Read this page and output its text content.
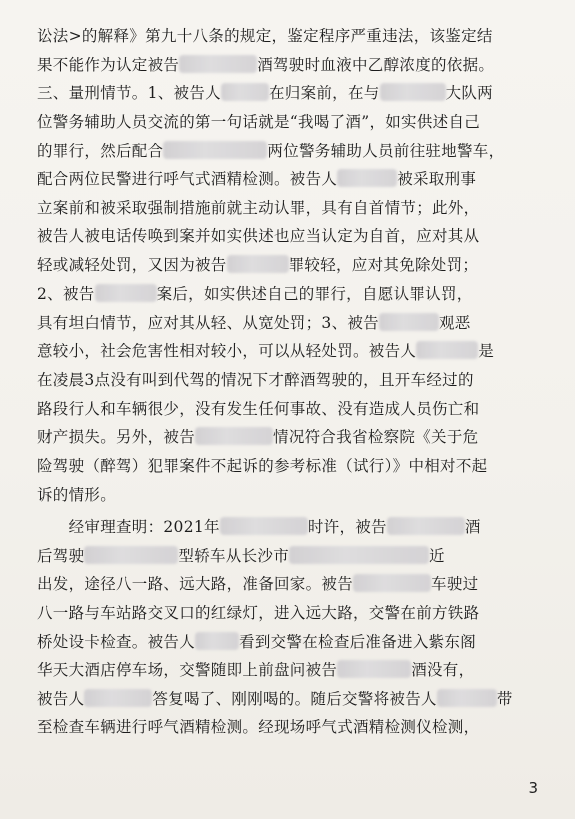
讼法>的解释》第九十八条的规定，鉴定程序严重违法，该鉴定结
果不能作为认定被告	酒驾驶时血液中乙醇浓度的依据。
三、量刑情节。1、被告人	在归案前，在与	大队两
位警务辅助人员交流的第一句话就是“我喝了酒”，如实供述自己
的罪行，然后配合	两位警务辅助人员前往驻地警车，
配合两位民警进行呼气式酒精检测。被告人	被采取刑事
立案前和被采取强制措施前就主动认罪，具有自首情节；此外，
被告人被电话传唤到案并如实供述也应当认定为自首，应对其从
轻或减轻处罚，又因为被告	罪较轻，应对其免除处罚；
2、被告	案后，如实供述自己的罪行，自愿认罪认罚，
具有坦白情节，应对其从轻、从宽处罚；3、被告	观恶
意较小，社会危害性相对较小，可以从轻处罚。被告人	是
在凌晨3点没有叫到代驾的情况下才醉酒驾驶的，且开车经过的
路段行人和车辆很少，没有发生任何事故、没有造成人员伤亡和
财产损失。另外，被告	情况符合我省检察院《关于危
险驾驶（醉驾）犯罪案件不起诉的参考标准（试行）》中相对不起
诉的情形。
　　经审理查明：2021年	时许，被告	酒
后驾驶	型轿车从长沙市	近
出发，途径八一路、远大路，准备回家。被告	车驶过
八一路与车站路交叉口的红绿灯，进入远大路，交警在前方铁路
桥处设卡检查。被告人	看到交警在检查后准备进入紫东阁
华天大酒店停车场，交警随即上前盘问被告	酒没有，
被告人	答复喝了、刚刚喝的。随后交警将被告人	带
至检查车辆进行呼气酒精检测。经现场呼气式酒精检测仪检测，

3
